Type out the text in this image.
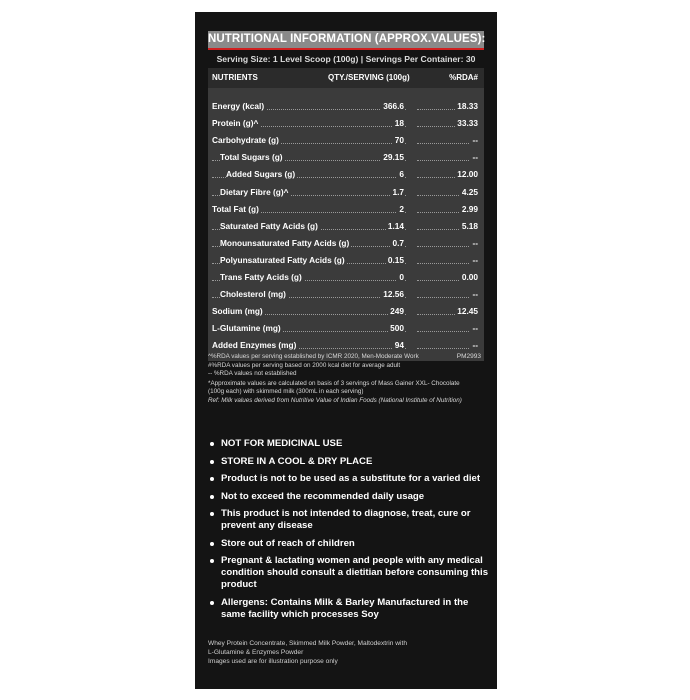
NUTRITIONAL INFORMATION (APPROX.VALUES):
Serving Size: 1 Level Scoop (100g) | Servings Per Container: 30
NUTRIENTS	QTY./SERVING (100g)	%RDA#
Energy (kcal)	366.6	18.33
Protein (g)^	18	33.33
Carbohydrate (g)	70	--
Total Sugars (g)	29.15	--
Added Sugars (g)	6	12.00
Dietary Fibre (g)^	1.7	4.25
Total Fat (g)	2	2.99
Saturated Fatty Acids (g)	1.14	5.18
Monounsaturated Fatty Acids (g)	0.7	--
Polyunsaturated Fatty Acids (g)	0.15	--
Trans Fatty Acids (g)	0	0.00
Cholesterol (mg)	12.56	--
Sodium (mg)	249	12.45
L-Glutamine (mg)	500	--
Added Enzymes (mg)	94	--
^%RDA values per serving established by ICMR 2020, Men-Moderate Work
#%RDA values per serving based on 2000 kcal diet for average adult
-- %RDA values not established
*Approximate values are calculated on basis of 3 servings of Mass Gainer XXL- Chocolate
(100g each) with skimmed milk (300mL in each serving)
Ref: Milk values derived from Nutritive Value of Indian Foods (National Institute of Nutrition)
PM2993
NOT FOR MEDICINAL USE
STORE IN A COOL & DRY PLACE
Product is not to be used as a substitute for a varied diet
Not to exceed the recommended daily usage
This product is not intended to diagnose, treat, cure or prevent any disease
Store out of reach of children
Pregnant & lactating women and people with any medical condition should consult a dietitian before consuming this product
Allergens: Contains Milk & Barley Manufactured in the same facility which processes Soy
Whey Protein Concentrate, Skimmed Milk Powder, Maltodextrin with
L-Glutamine & Enzymes Powder
Images used are for illustration purpose only
